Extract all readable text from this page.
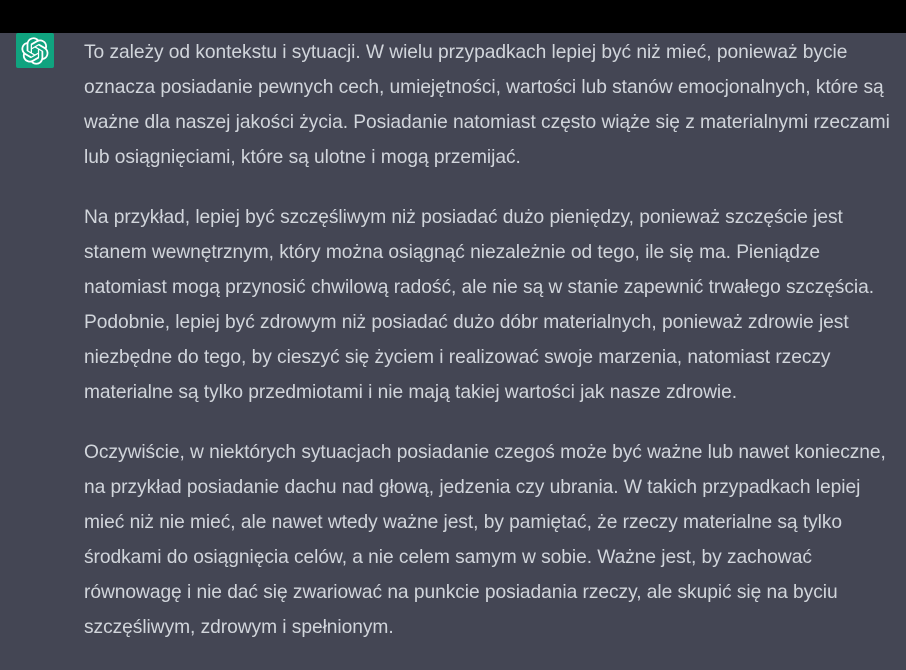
To zależy od kontekstu i sytuacji. W wielu przypadkach lepiej być niż mieć, ponieważ bycie oznacza posiadanie pewnych cech, umiejętności, wartości lub stanów emocjonalnych, które są ważne dla naszej jakości życia. Posiadanie natomiast często wiąże się z materialnymi rzeczami lub osiągnięciami, które są ulotne i mogą przemijać.

Na przykład, lepiej być szczęśliwym niż posiadać dużo pieniędzy, ponieważ szczęście jest stanem wewnętrznym, który można osiągnąć niezależnie od tego, ile się ma. Pieniądze natomiast mogą przynosić chwilową radość, ale nie są w stanie zapewnić trwałego szczęścia. Podobnie, lepiej być zdrowym niż posiadać dużo dóbr materialnych, ponieważ zdrowie jest niezbędne do tego, by cieszyć się życiem i realizować swoje marzenia, natomiast rzeczy materialne są tylko przedmiotami i nie mają takiej wartości jak nasze zdrowie.

Oczywiście, w niektórych sytuacjach posiadanie czegoś może być ważne lub nawet konieczne, na przykład posiadanie dachu nad głową, jedzenia czy ubrania. W takich przypadkach lepiej mieć niż nie mieć, ale nawet wtedy ważne jest, by pamiętać, że rzeczy materialne są tylko środkami do osiągnięcia celów, a nie celem samym w sobie. Ważne jest, by zachować równowagę i nie dać się zwariować na punkcie posiadania rzeczy, ale skupić się na byciu szczęśliwym, zdrowym i spełnionym.
